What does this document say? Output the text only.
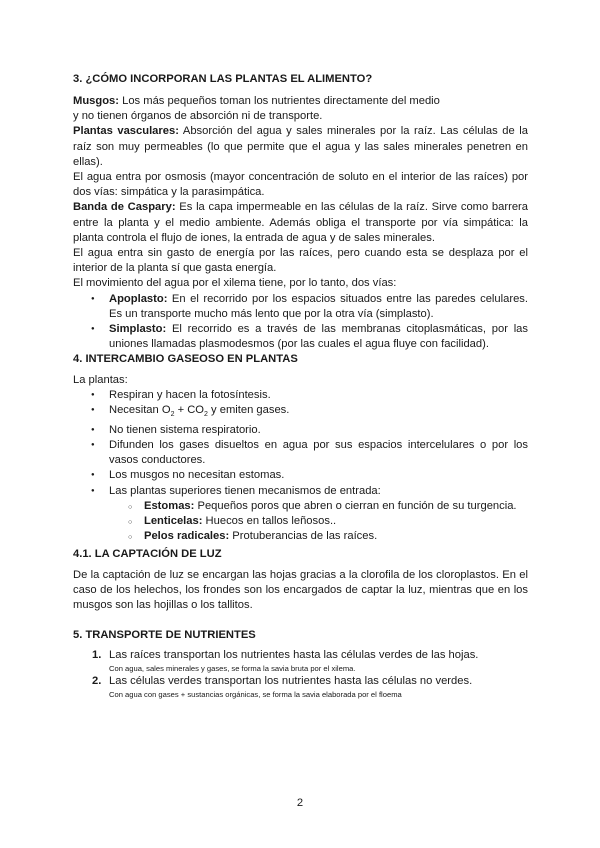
3. ¿CÓMO INCORPORAN LAS PLANTAS EL ALIMENTO?

Musgos: Los más pequeños toman los nutrientes directamente del medio
y no tienen órganos de absorción ni de transporte.

Plantas vasculares: Absorción del agua y sales minerales por la raíz. Las células de la raíz son muy permeables (lo que permite que el agua y las sales minerales penetren en ellas).

El agua entra por osmosis (mayor concentración de soluto en el interior de las raíces) por dos vías: simpática y la parasimpática.

Banda de Caspary: Es la capa impermeable en las células de la raíz. Sirve como barrera entre la planta y el medio ambiente. Además obliga el transporte por vía simpática: la planta controla el flujo de iones, la entrada de agua y de sales minerales.

El agua entra sin gasto de energía por las raíces, pero cuando esta se desplaza por el interior de la planta sí que gasta energía.

El movimiento del agua por el xilema tiene, por lo tanto, dos vías:

● Apoplasto: En el recorrido por los espacios situados entre las paredes celulares. Es un transporte mucho más lento que por la otra vía (simplasto).
● Simplasto: El recorrido es a través de las membranas citoplasmáticas, por las uniones llamadas plasmodesmos (por las cuales el agua fluye con facilidad).

4. INTERCAMBIO GASEOSO EN PLANTAS

La plantas:

● Respiran y hacen la fotosíntesis.
● Necesitan $O_2 + CO_2$ y emiten gases.
● No tienen sistema respiratorio.
● Difunden los gases disueltos en agua por sus espacios intercelulares o por los vasos conductores.
● Los musgos no necesitan estomas.
● Las plantas superiores tienen mecanismos de entrada:
○ Estomas: Pequeños poros que abren o cierran en función de su turgencia.
○ Lenticelas: Huecos en tallos leñosos..
○ Pelos radicales: Protuberancias de las raíces.

4.1. LA CAPTACIÓN DE LUZ

De la captación de luz se encargan las hojas gracias a la clorofila de los cloroplastos. En el caso de los helechos, los frondes son los encargados de captar la luz, mientras que en los musgos son las hojillas o los tallitos.

5. TRANSPORTE DE NUTRIENTES

1. Las raíces transportan los nutrientes hasta las células verdes de las hojas.
Con agua, sales minerales y gases, se forma la savia bruta por el xilema.
2. Las células verdes transportan los nutrientes hasta las células no verdes.
Con agua con gases + sustancias orgánicas, se forma la savia elaborada por el floema
2
